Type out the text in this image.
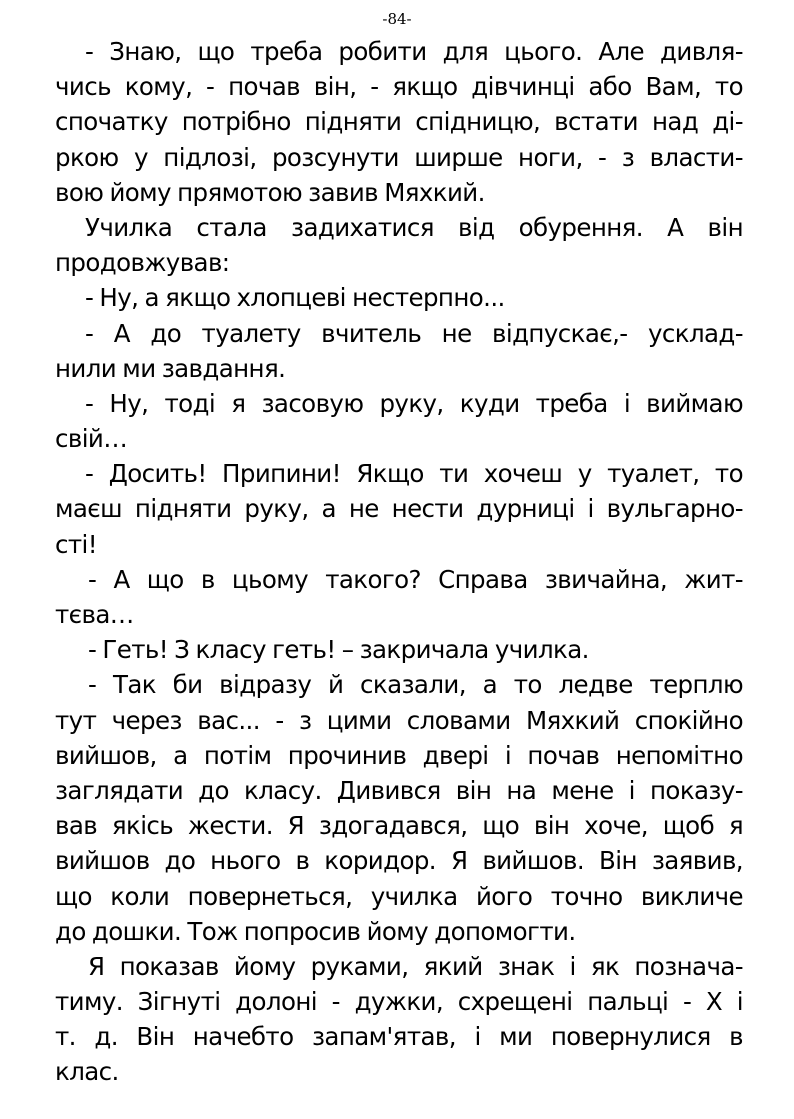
-84-
- Знаю, що треба робити для цього. Але дивля-
чись кому, - почав він, - якщо дівчинці або Вам, то
спочатку потрібно підняти спідницю, встати над ді-
ркою у підлозі, розсунути ширше ноги, - з власти-
вою йому прямотою завив Мяхкий.
Училка стала задихатися від обурення. А він
продовжував:
- Ну, а якщо хлопцеві нестерпно...
- А до туалету вчитель не відпускає,- усклад-
нили ми завдання.
- Ну, тоді я засовую руку, куди треба і виймаю
свій…
- Досить! Припини! Якщо ти хочеш у туалет, то
маєш підняти руку, а не нести дурниці і вульгарно-
сті!
- А що в цьому такого? Справа звичайна, жит-
тєва…
- Геть! З класу геть! – закричала училка.
- Так би відразу й сказали, а то ледве терплю
тут через вас... - з цими словами Мяхкий спокійно
вийшов, а потім прочинив двері і почав непомітно
заглядати до класу. Дивився він на мене і показу-
вав якісь жести. Я здогадався, що він хоче, щоб я
вийшов до нього в коридор. Я вийшов. Він заявив,
що коли повернеться, училка його точно викличе
до дошки. Тож попросив йому допомогти.
Я показав йому руками, який знак і як познача-
тиму. Зігнуті долоні - дужки, схрещені пальці - Х і
т. д. Він начебто запам'ятав, і ми повернулися в
клас.
